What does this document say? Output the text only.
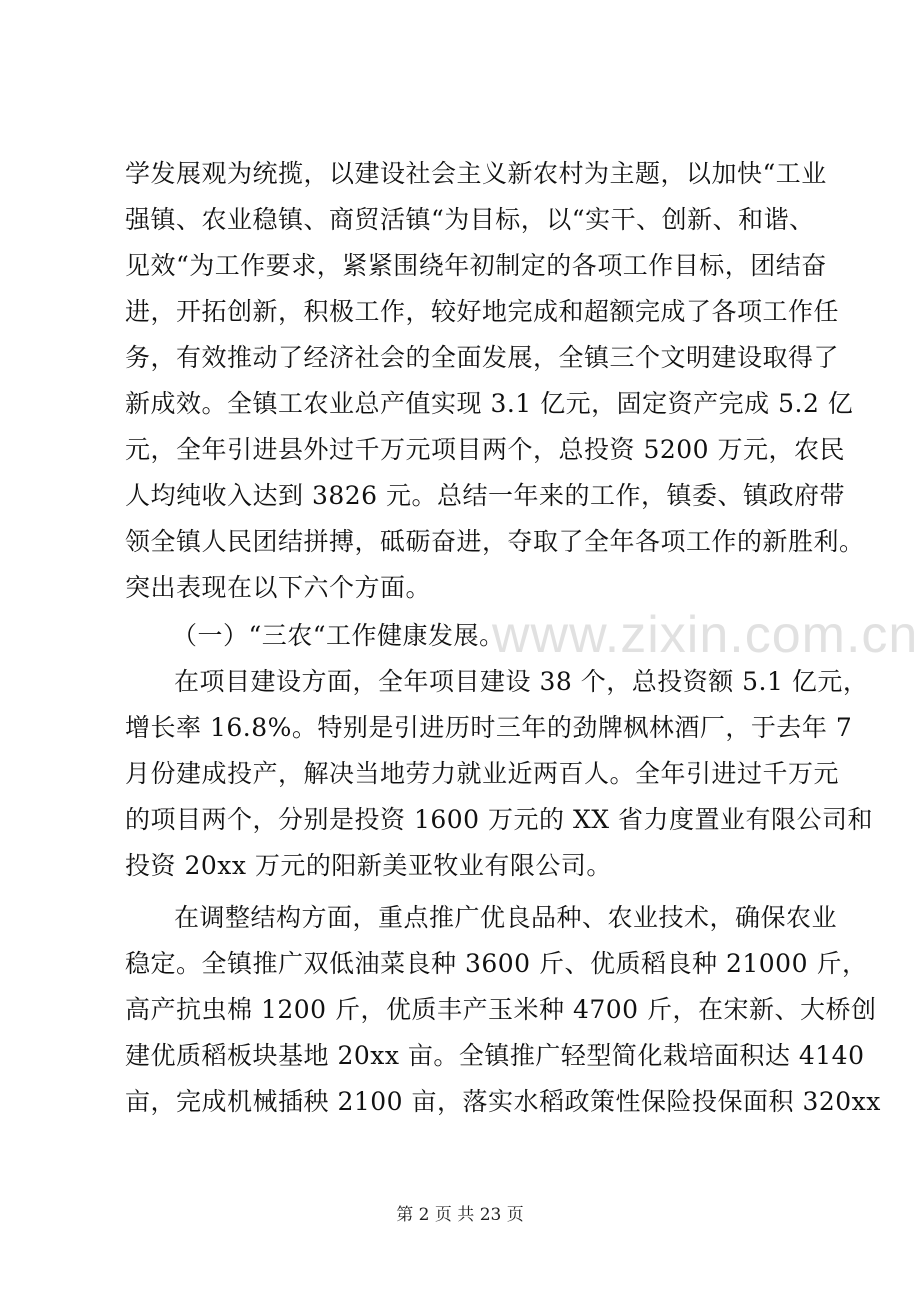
www.zixin.com.cn
学发展观为统揽，以建设社会主义新农村为主题，以加快“工业
强镇、农业稳镇、商贸活镇“为目标，以“实干、创新、和谐、
见效“为工作要求，紧紧围绕年初制定的各项工作目标，团结奋
进，开拓创新，积极工作，较好地完成和超额完成了各项工作任
务，有效推动了经济社会的全面发展，全镇三个文明建设取得了
新成效。全镇工农业总产值实现 3.1 亿元，固定资产完成 5.2 亿
元，全年引进县外过千万元项目两个，总投资 5200 万元，农民
人均纯收入达到 3826 元。总结一年来的工作，镇委、镇政府带
领全镇人民团结拼搏，砥砺奋进，夺取了全年各项工作的新胜利。
突出表现在以下六个方面。
（一）“三农“工作健康发展。
在项目建设方面，全年项目建设 38 个，总投资额 5.1 亿元，
增长率 16.8%。特别是引进历时三年的劲牌枫林酒厂，于去年 7
月份建成投产，解决当地劳力就业近两百人。全年引进过千万元
的项目两个，分别是投资 1600 万元的 XX 省力度置业有限公司和
投资 20xx 万元的阳新美亚牧业有限公司。
在调整结构方面，重点推广优良品种、农业技术，确保农业
稳定。全镇推广双低油菜良种 3600 斤、优质稻良种 21000 斤，
高产抗虫棉 1200 斤，优质丰产玉米种 4700 斤，在宋新、大桥创
建优质稻板块基地 20xx 亩。全镇推广轻型简化栽培面积达 4140
亩，完成机械插秧 2100 亩，落实水稻政策性保险投保面积 320xx
第 2 页 共 23 页
